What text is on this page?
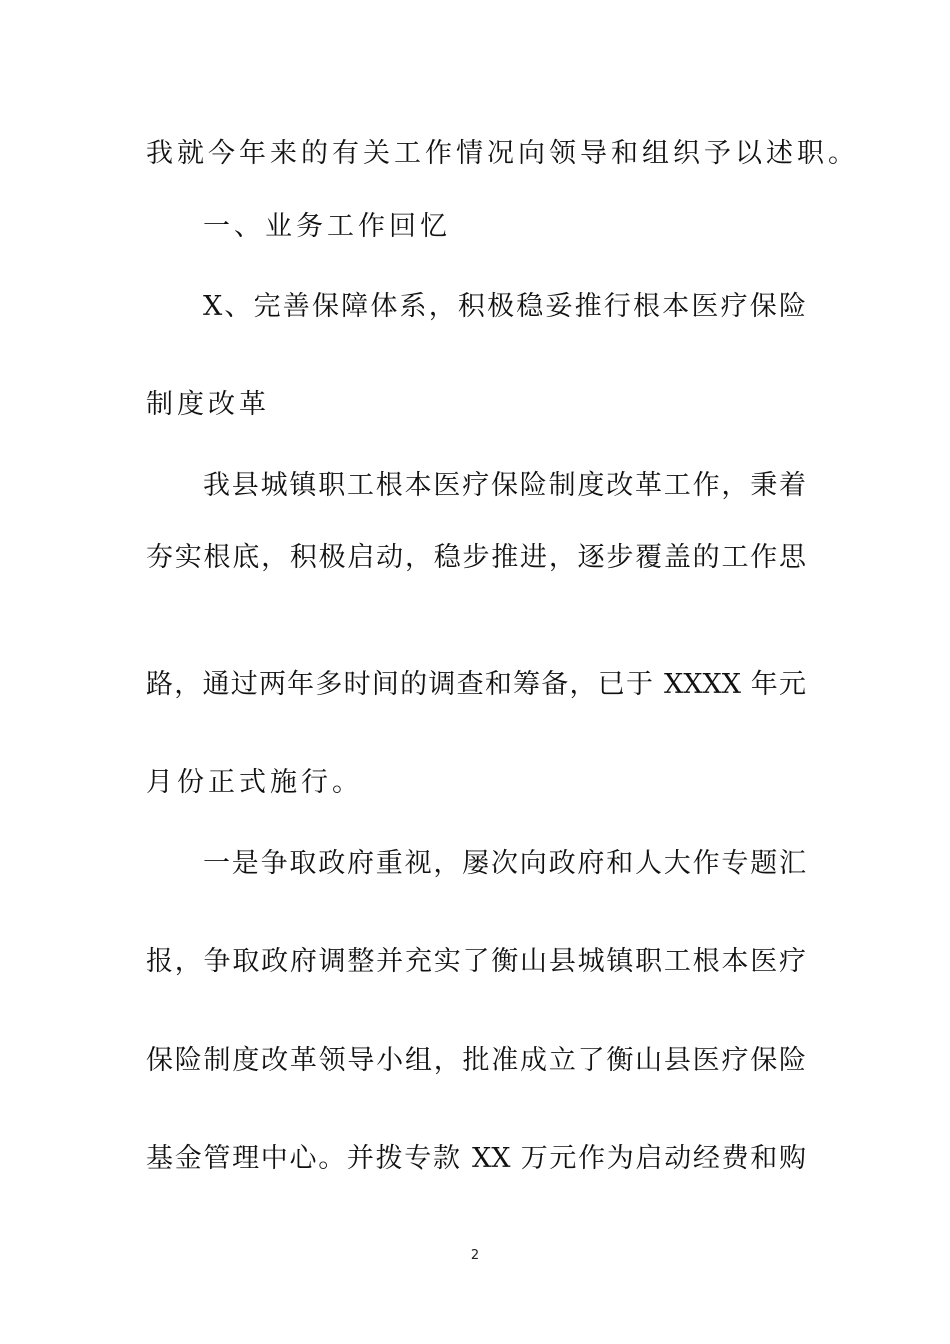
我就今年来的有关工作情况向领导和组织予以述职。
一、业务工作回忆
X、完善保障体系，积极稳妥推行根本医疗保险
制度改革
我县城镇职工根本医疗保险制度改革工作，秉着
夯实根底，积极启动，稳步推进，逐步覆盖的工作思
路，通过两年多时间的调查和筹备，已于 XXXX 年元
月份正式施行。
一是争取政府重视，屡次向政府和人大作专题汇
报，争取政府调整并充实了衡山县城镇职工根本医疗
保险制度改革领导小组，批准成立了衡山县医疗保险
基金管理中心。并拨专款 XX 万元作为启动经费和购
2
